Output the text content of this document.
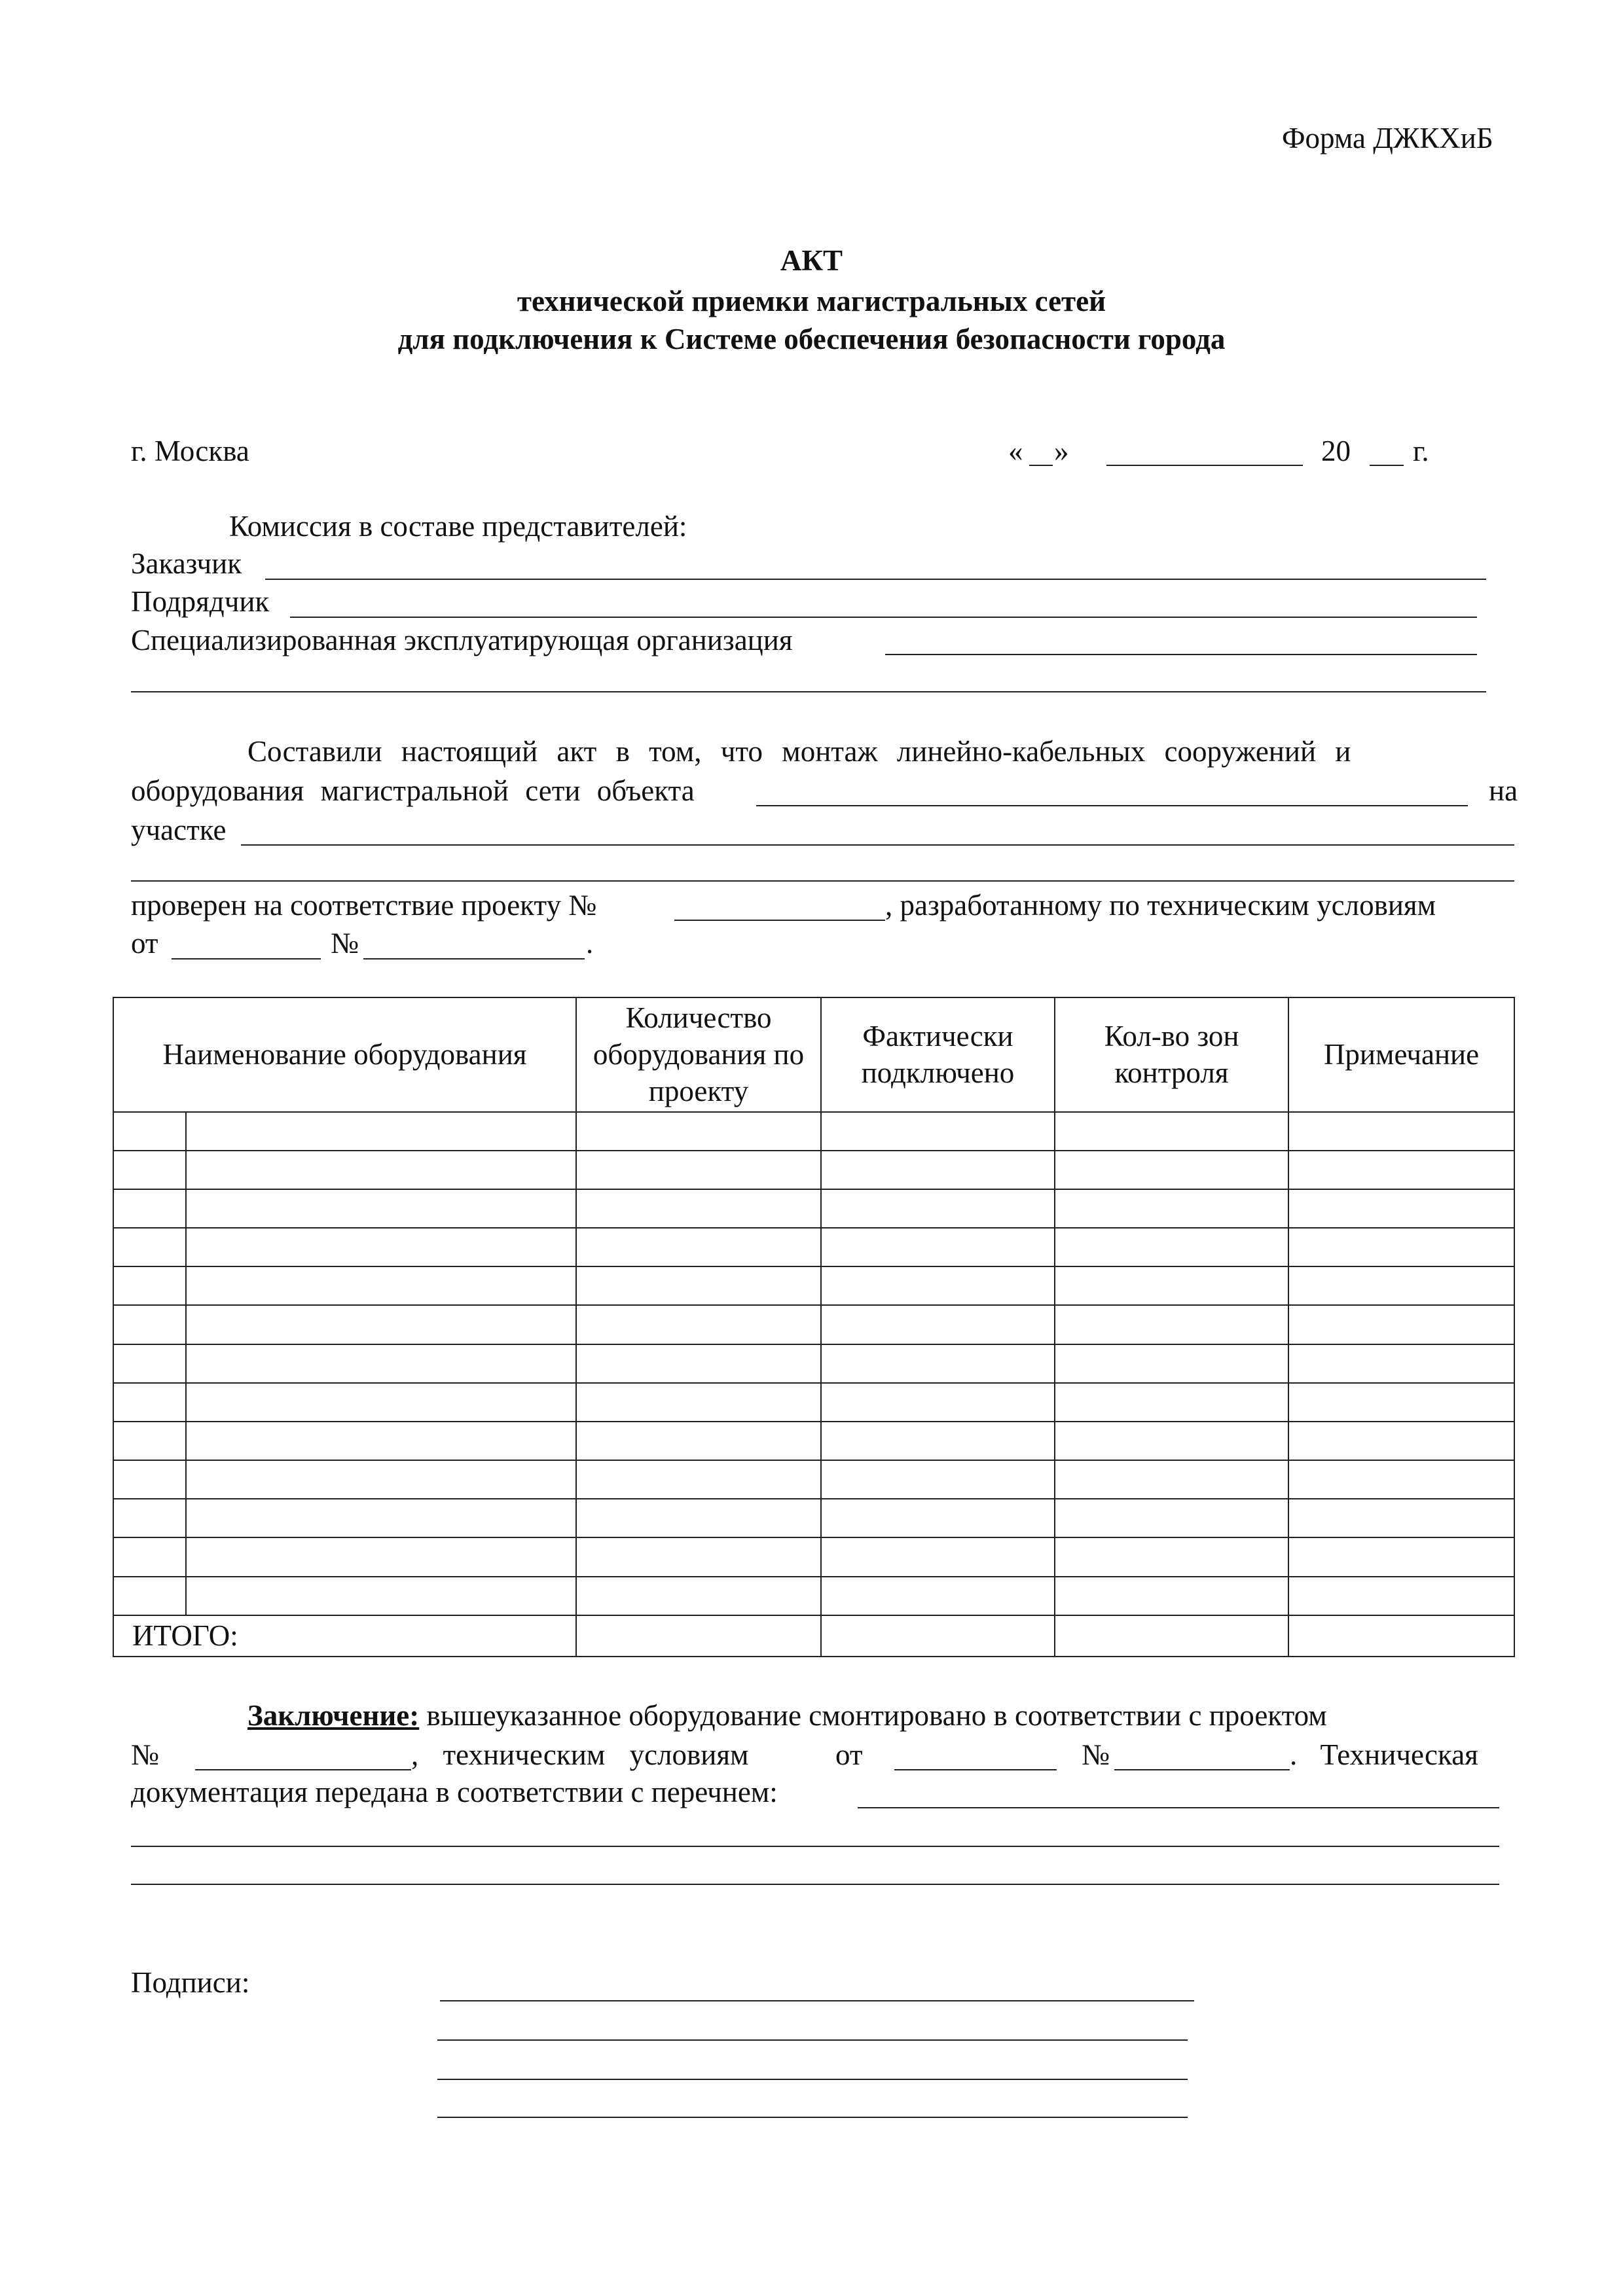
Форма ДЖКХиБ
АКТ
технической приемки магистральных сетей
для подключения к Системе обеспечения безопасности города
г. Москва	« »	20 г.
Комиссия в составе представителей:
Заказчик
Подрядчик
Специализированная эксплуатирующая организация
Составили настоящий акт в том, что монтаж линейно-кабельных сооружений и
оборудования магистральной сети объекта	на
участке
проверен на соответствие проекту №	, разработанному по техническим условиям
от	№	.
Наименование оборудования		Количество оборудования по проекту	Фактически подключено	Кол-во зон контроля	Примечание

ИТОГО:					
Заключение: вышеуказанное оборудование смонтировано в соответствии с проектом
№	, техническим условиям	от	№	. Техническая
документация передана в соответствии с перечнем:
Подписи:
